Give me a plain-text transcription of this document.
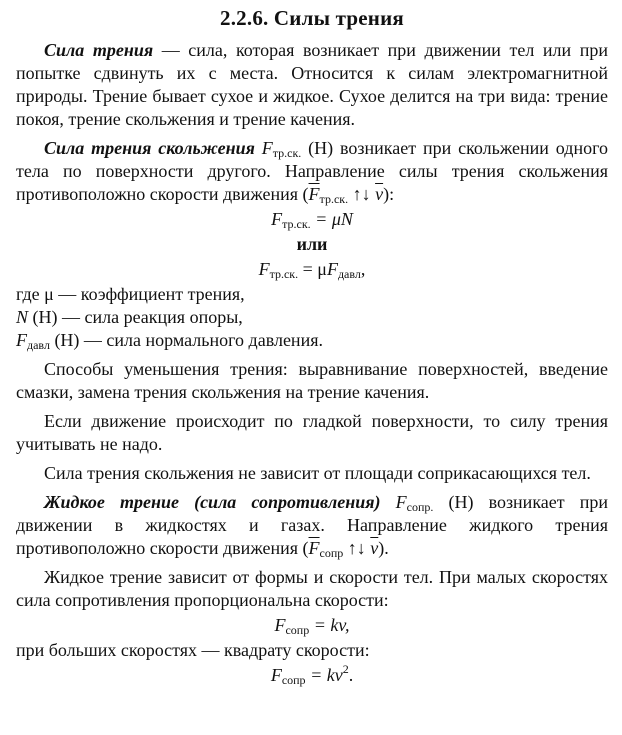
2.2.6. Силы трения

Сила трения — сила, которая возникает при движении тел или при попытке сдвинуть их с места. Относится к силам электромагнитной природы. Трение бывает сухое и жидкое. Сухое делится на три вида: трение покоя, трение скольжения и трение качения.

Сила трения скольжения $F_{тр.ск.}$ (Н) возникает при скольжении одного тела по поверхности другого. Направление силы трения скольжения противоположно скорости движения ($\overline{F}_{тр.ск.}$ ↑↓ $\overline{v}$):

$F_{тр.ск.} = \mu N$
или
$F_{тр.ск.} = \mu F_{давл}$,

где μ — коэффициент трения,

N (Н) — сила реакция опоры,

$F_{давл}$ (Н) — сила нормального давления.

Способы уменьшения трения: выравнивание поверхностей, введение смазки, замена трения скольжения на трение качения.

Если движение происходит по гладкой поверхности, то силу трения учитывать не надо.

Сила трения скольжения не зависит от площади соприкасающихся тел.

Жидкое трение (сила сопротивления) $F_{сопр.}$ (Н) возникает при движении в жидкостях и газах. Направление жидкого трения противоположно скорости движения ($\overline{F}_{сопр}$ ↑↓ $\overline{v}$).

Жидкое трение зависит от формы и скорости тел. При малых скоростях сила сопротивления пропорциональна скорости:

$F_{сопр}$ = kv,

при больших скоростях — квадрату скорости:

$F_{сопр} = kv^2$.
